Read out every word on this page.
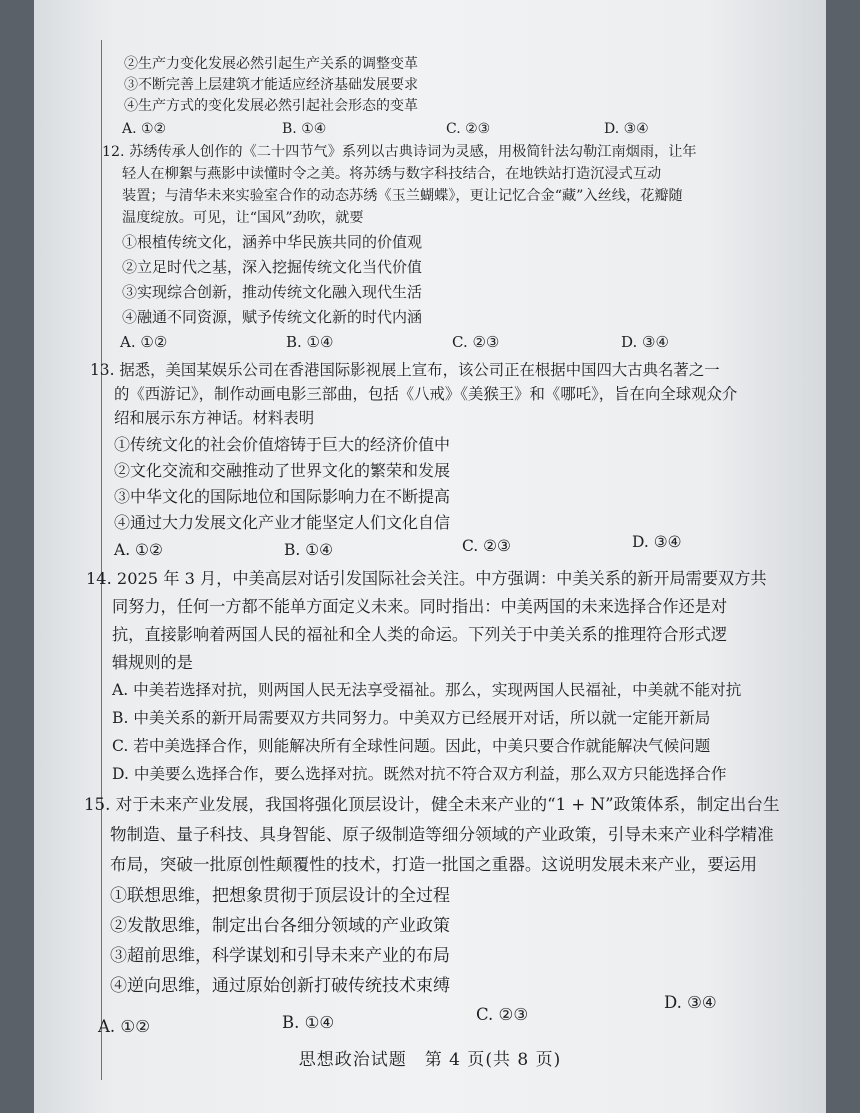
②生产力变化发展必然引起生产关系的调整变革
③不断完善上层建筑才能适应经济基础发展要求
④生产方式的变化发展必然引起社会形态的变革
A. ①②	B. ①④	C. ②③	D. ③④
12. 苏绣传承人创作的《二十四节气》系列以古典诗词为灵感，用极简针法勾勒江南烟雨，让年
轻人在柳絮与燕影中读懂时令之美。将苏绣与数字科技结合，在地铁站打造沉浸式互动
装置；与清华未来实验室合作的动态苏绣《玉兰蝴蝶》，更让记忆合金“藏”入丝线，花瓣随
温度绽放。可见，让“国风”劲吹，就要
①根植传统文化，涵养中华民族共同的价值观
②立足时代之基，深入挖掘传统文化当代价值
③实现综合创新，推动传统文化融入现代生活
④融通不同资源，赋予传统文化新的时代内涵
A. ①②	B. ①④	C. ②③	D. ③④
13. 据悉，美国某娱乐公司在香港国际影视展上宣布，该公司正在根据中国四大古典名著之一
的《西游记》，制作动画电影三部曲，包括《八戒》《美猴王》和《哪吒》，旨在向全球观众介
绍和展示东方神话。材料表明
①传统文化的社会价值熔铸于巨大的经济价值中
②文化交流和交融推动了世界文化的繁荣和发展
③中华文化的国际地位和国际影响力在不断提高
④通过大力发展文化产业才能坚定人们文化自信
A. ①②	B. ①④	C. ②③	D. ③④
14. 2025 年 3 月，中美高层对话引发国际社会关注。中方强调：中美关系的新开局需要双方共
同努力，任何一方都不能单方面定义未来。同时指出：中美两国的未来选择合作还是对
抗，直接影响着两国人民的福祉和全人类的命运。下列关于中美关系的推理符合形式逻
辑规则的是
A. 中美若选择对抗，则两国人民无法享受福祉。那么，实现两国人民福祉，中美就不能对抗
B. 中美关系的新开局需要双方共同努力。中美双方已经展开对话，所以就一定能开新局
C. 若中美选择合作，则能解决所有全球性问题。因此，中美只要合作就能解决气候问题
D. 中美要么选择合作，要么选择对抗。既然对抗不符合双方利益，那么双方只能选择合作
15. 对于未来产业发展，我国将强化顶层设计，健全未来产业的“1 + N”政策体系，制定出台生
物制造、量子科技、具身智能、原子级制造等细分领域的产业政策，引导未来产业科学精准
布局，突破一批原创性颠覆性的技术，打造一批国之重器。这说明发展未来产业，要运用
①联想思维，把想象贯彻于顶层设计的全过程
②发散思维，制定出台各细分领域的产业政策
③超前思维，科学谋划和引导未来产业的布局
④逆向思维，通过原始创新打破传统技术束缚
A. ①②	B. ①④	C. ②③
D. ③④
思想政治试题　第 4 页(共 8 页)
